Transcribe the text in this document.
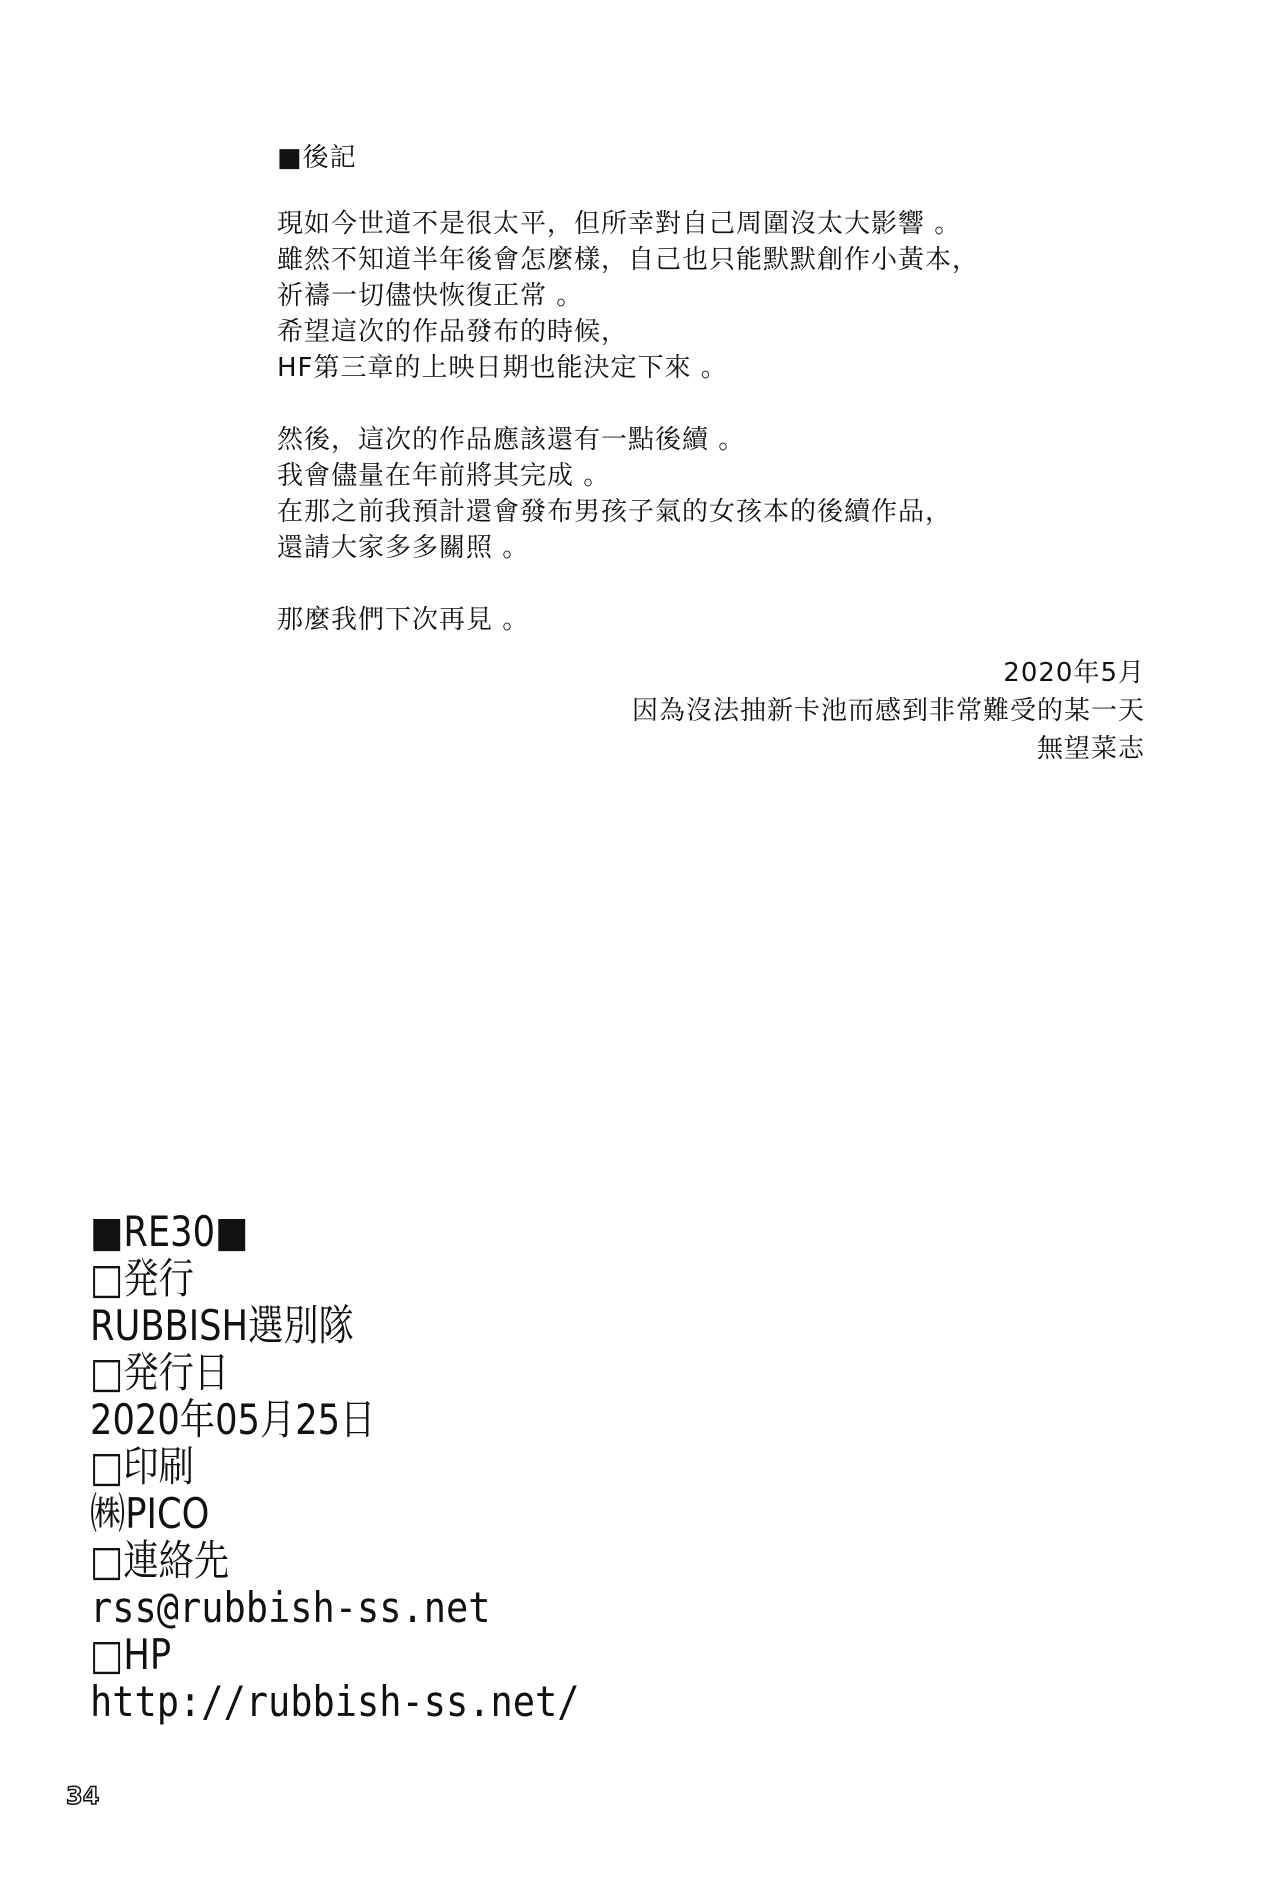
■後記
現如今世道不是很太平，但所幸對自己周圍沒太大影響 。
雖然不知道半年後會怎麼樣，自己也只能默默創作小黃本，
祈禱一切儘快恢復正常 。
希望這次的作品發布的時候，
HF第三章的上映日期也能決定下來 。
然後，這次的作品應該還有一點後續 。
我會儘量在年前將其完成 。
在那之前我預計還會發布男孩子氣的女孩本的後續作品，
還請大家多多關照 。
那麼我們下次再見 。
2020年5月
因為沒法抽新卡池而感到非常難受的某一天
無望菜志
■RE30■
□発行
RUBBISH選別隊
□発行日
2020年05月25日
□印刷
㈱PICO
□連絡先
rss@rubbish-ss.net
□HP
http://rubbish-ss.net/
34
